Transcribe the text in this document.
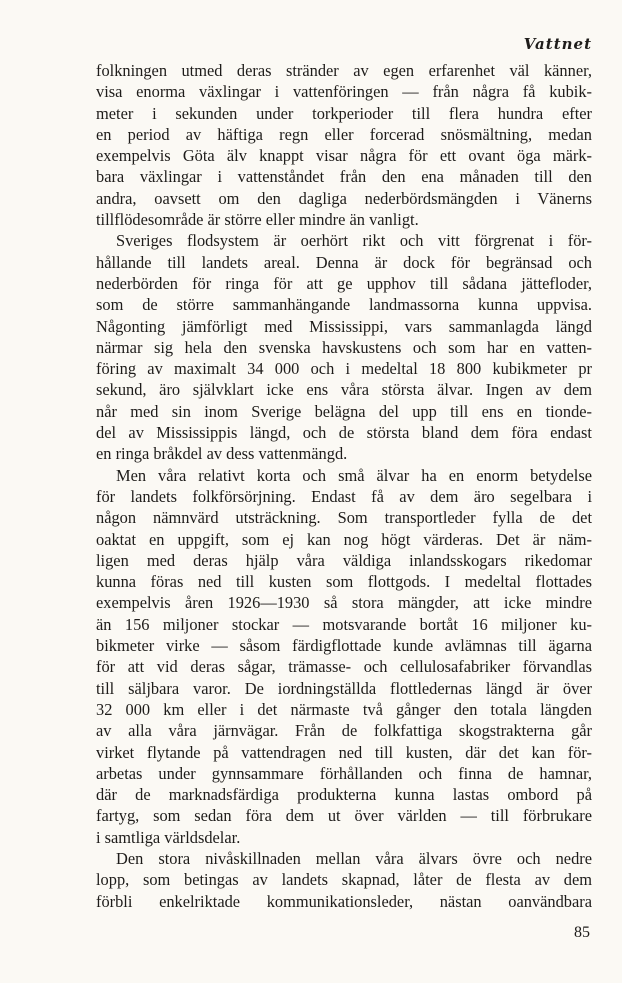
Vattnet
folkningen utmed deras stränder av egen erfarenhet väl känner,
visa enorma växlingar i vattenföringen — från några få kubik-
meter i sekunden under torkperioder till flera hundra efter
en period av häftiga regn eller forcerad snösmältning, medan
exempelvis Göta älv knappt visar några för ett ovant öga märk-
bara växlingar i vattenståndet från den ena månaden till den
andra, oavsett om den dagliga nederbördsmängden i Vänerns
tillflödesområde är större eller mindre än vanligt.
Sveriges flodsystem är oerhört rikt och vitt förgrenat i för-
hållande till landets areal. Denna är dock för begränsad och
nederbörden för ringa för att ge upphov till sådana jättefloder,
som de större sammanhängande landmassorna kunna uppvisa.
Någonting jämförligt med Mississippi, vars sammanlagda längd
närmar sig hela den svenska havskustens och som har en vatten-
föring av maximalt 34 000 och i medeltal 18 800 kubikmeter pr
sekund, äro självklart icke ens våra största älvar. Ingen av dem
når med sin inom Sverige belägna del upp till ens en tionde-
del av Mississippis längd, och de största bland dem föra endast
en ringa bråkdel av dess vattenmängd.
Men våra relativt korta och små älvar ha en enorm betydelse
för landets folkförsörjning. Endast få av dem äro segelbara i
någon nämnvärd utsträckning. Som transportleder fylla de det
oaktat en uppgift, som ej kan nog högt värderas. Det är näm-
ligen med deras hjälp våra väldiga inlandsskogars rikedomar
kunna föras ned till kusten som flottgods. I medeltal flottades
exempelvis åren 1926—1930 så stora mängder, att icke mindre
än 156 miljoner stockar — motsvarande bortåt 16 miljoner ku-
bikmeter virke — såsom färdigflottade kunde avlämnas till ägarna
för att vid deras sågar, trämasse- och cellulosafabriker förvandlas
till säljbara varor. De iordningställda flottledernas längd är över
32 000 km eller i det närmaste två gånger den totala längden
av alla våra järnvägar. Från de folkfattiga skogstrakterna går
virket flytande på vattendragen ned till kusten, där det kan för-
arbetas under gynnsammare förhållanden och finna de hamnar,
där de marknadsfärdiga produkterna kunna lastas ombord på
fartyg, som sedan föra dem ut över världen — till förbrukare
i samtliga världsdelar.
Den stora nivåskillnaden mellan våra älvars övre och nedre
lopp, som betingas av landets skapnad, låter de flesta av dem
förbli enkelriktade kommunikationsleder, nästan oanvändbara
85
